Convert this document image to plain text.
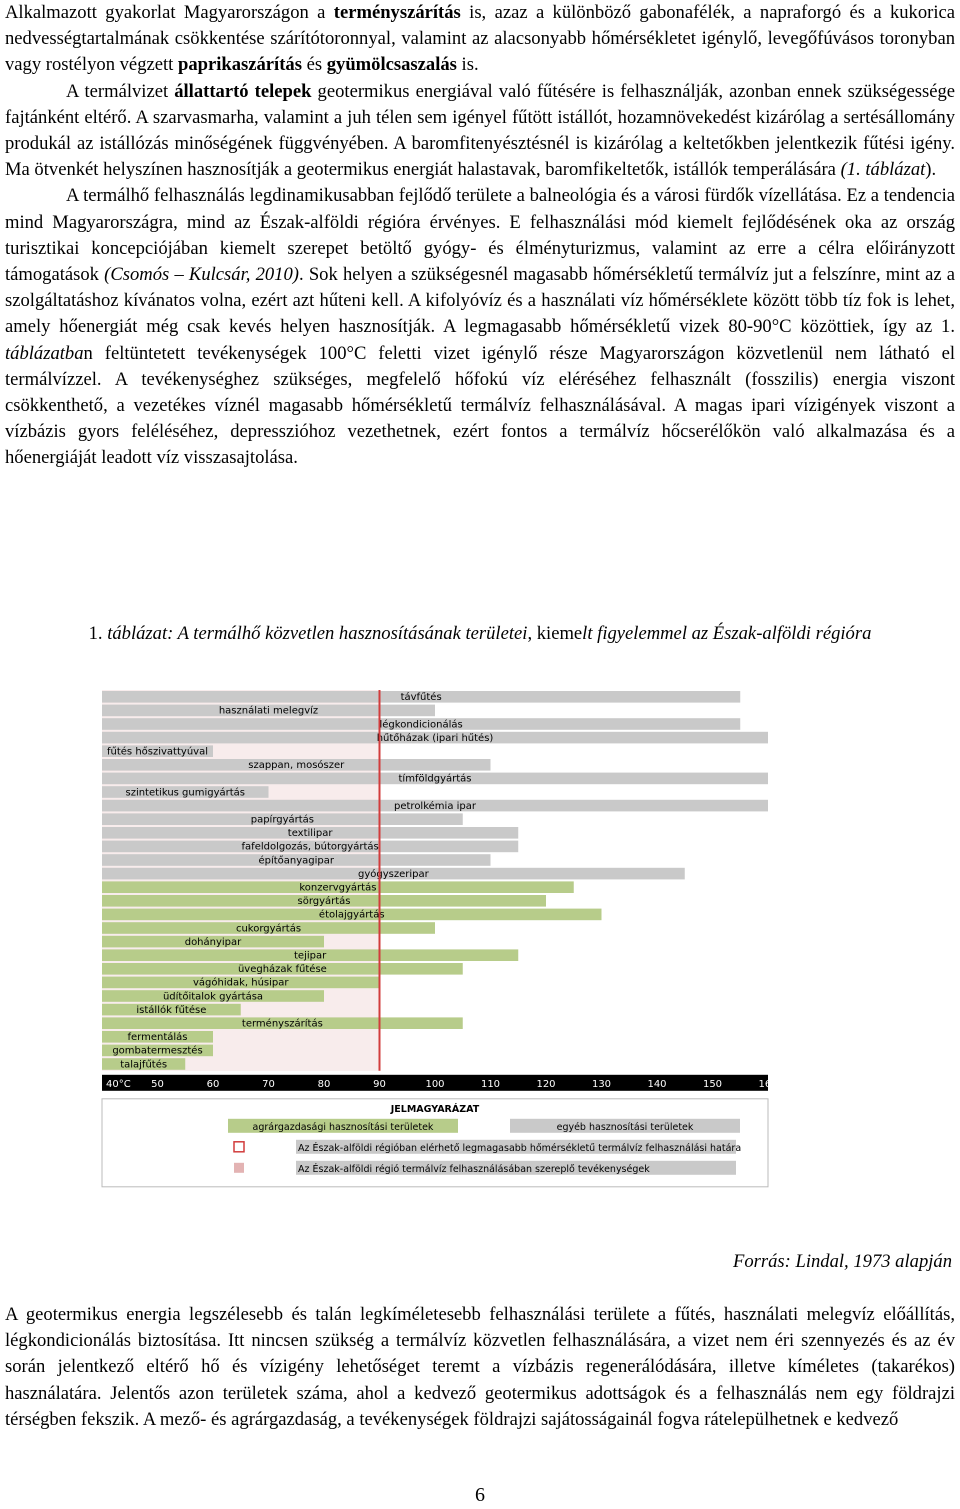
Alkalmazott gyakorlat Magyarországon a terményszárítás is, azaz a különböző gabonafélék, a napraforgó és a kukorica nedvességtartalmának csökkentése szárítótoronnyal, valamint az alacsonyabb hőmérsékletet igénylő, levegőfúvásos toronyban vagy rostélyon végzett paprikaszárítás és gyümölcsaszalás is.

A termálvizet állattartó telepek geotermikus energiával való fűtésére is felhasználják, azonban ennek szükségessége fajtánként eltérő. A szarvasmarha, valamint a juh télen sem igényel fűtött istállót, hozamnövekedést kizárólag a sertésállomány produkál az istállózás minőségének függvényében. A baromfitenyésztésnél is kizárólag a keltetőkben jelentkezik fűtési igény. Ma ötvenkét helyszínen hasznosítják a geotermikus energiát halastavak, baromfikeltetők, istállók temperálására (1. táblázat).

A termálhő felhasználás legdinamikusabban fejlődő területe a balneológia és a városi fürdők vízellátása. Ez a tendencia mind Magyarországra, mind az Észak-alföldi régióra érvényes. E felhasználási mód kiemelt fejlődésének oka az ország turisztikai koncepciójában kiemelt szerepet betöltő gyógy- és élményturizmus, valamint az erre a célra előirányzott támogatások (Csomós – Kulcsár, 2010). Sok helyen a szükségesnél magasabb hőmérsékletű termálvíz jut a felszínre, mint az a szolgáltatáshoz kívánatos volna, ezért azt hűteni kell. A kifolyóvíz és a használati víz hőmérséklete között több tíz fok is lehet, amely hőenergiát még csak kevés helyen hasznosítják. A legmagasabb hőmérsékletű vizek 80-90°C közöttiek, így az 1. táblázatban feltüntetett tevékenységek 100°C feletti vizet igénylő része Magyarországon közvetlenül nem látható el termálvízzel. A tevékenységhez szükséges, megfelelő hőfokú víz eléréséhez felhasznált (fosszilis) energia viszont csökkenthető, a vezetékes víznél magasabb hőmérsékletű termálvíz felhasználásával. A magas ipari vízigények viszont a vízbázis gyors feléléséhez, depresszióhoz vezethetnek, ezért fontos a termálvíz hőcserélőkön való alkalmazása és a hőenergiáját leadott víz visszasajtolása.

1. táblázat: A termálhő közvetlen hasznosításának területei, kiemelt figyelemmel az Észak-alföldi régióra
távfűtés
használati melegvíz
légkondicionálás
hűtőházak (ipari hűtés)
fűtés hőszivattyúval
szappan, mosószer
tímföldgyártás
szintetikus gumigyártás
petrolkémia ipar
papírgyártás
textilipar
fafeldolgozás, bútorgyártás
építőanyagipar
gyógyszeripar
konzervgyártás
sörgyártás
étolajgyártás
cukorgyártás
dohányipar
tejipar
üvegházak fűtése
vágóhidak, húsipar
üdítőitalok gyártása
istállók fűtése
terményszárítás
fermentálás
gombatermesztés
talajfűtés
40°C 50	60	70	80	90	100	110	120	130	140	150	160
JELMAGYARÁZAT
agrárgazdasági hasznosítási területek	egyéb hasznosítási területek
Az Észak-alföldi régióban elérhető legmagasabb hőmérsékletű termálvíz felhasználási határa
Az Észak-alföldi régió termálvíz felhasználásában szereplő tevékenységek
Forrás: Lindal, 1973 alapján

A geotermikus energia legszélesebb és talán legkíméletesebb felhasználási területe a fűtés, használati melegvíz előállítás, légkondicionálás biztosítása. Itt nincsen szükség a termálvíz közvetlen felhasználására, a vizet nem éri szennyezés és az év során jelentkező eltérő hő és vízigény lehetőséget teremt a vízbázis regenerálódására, illetve kíméletes (takarékos) használatára. Jelentős azon területek száma, ahol a kedvező geotermikus adottságok és a felhasználás nem egy földrajzi térségben fekszik. A mező- és agrárgazdaság, a tevékenységek földrajzi sajátosságainál fogva rátelepülhetnek e kedvező

6
